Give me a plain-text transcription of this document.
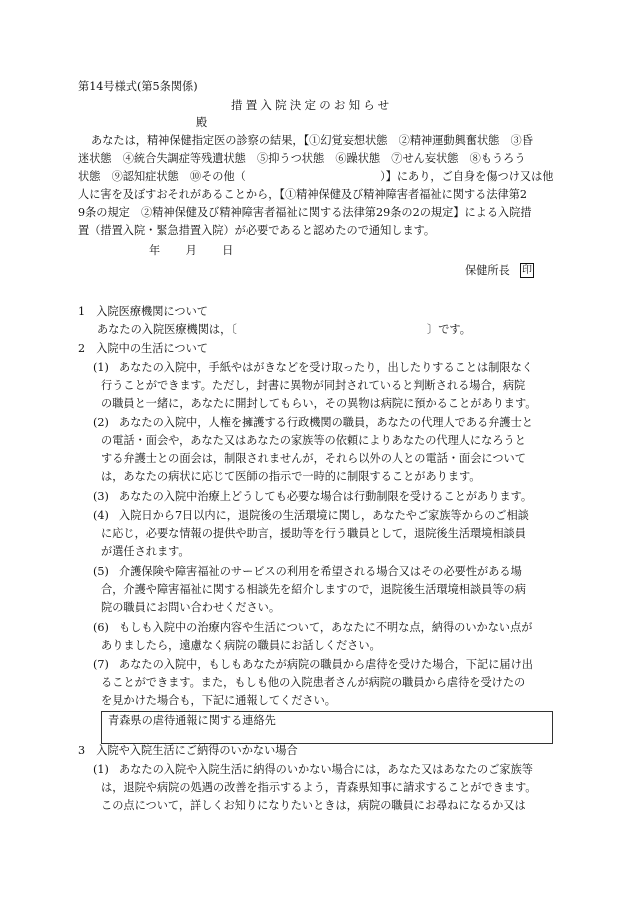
第14号様式(第5条関係)
措置入院決定のお知らせ
殿
あなたは，精神保健指定医の診察の結果，【①幻覚妄想状態　②精神運動興奮状態　③昏
迷状態　④統合失調症等残遺状態　⑤抑うつ状態　⑥躁状態　⑦せん妄状態　⑧もうろう
状態　⑨認知症状態　⑩その他（　　　　　　　　　　　　）】にあり，ご自身を傷つけ又は他
人に害を及ぼすおそれがあることから，【①精神保健及び精神障害者福祉に関する法律第2
9条の規定　②精神保健及び精神障害者福祉に関する法律第29条の2の規定】による入院措
置（措置入院・緊急措置入院）が必要であると認めたので通知します。
年　　月　　日
保健所長 印
1　入院医療機関について
あなたの入院医療機関は，〔　　　　　　　　　　　　　　　　　〕です。
2　入院中の生活について
(1) あなたの入院中，手紙やはがきなどを受け取ったり，出したりすることは制限なく
行うことができます。ただし，封書に異物が同封されていると判断される場合，病院
の職員と一緒に，あなたに開封してもらい，その異物は病院に預かることがあります。
(2) あなたの入院中，人権を擁護する行政機関の職員，あなたの代理人である弁護士と
の電話・面会や，あなた又はあなたの家族等の依頼によりあなたの代理人になろうと
する弁護士との面会は，制限されませんが，それら以外の人との電話・面会について
は，あなたの病状に応じて医師の指示で一時的に制限することがあります。
(3) あなたの入院中治療上どうしても必要な場合は行動制限を受けることがあります。
(4) 入院日から7日以内に，退院後の生活環境に関し，あなたやご家族等からのご相談
に応じ，必要な情報の提供や助言，援助等を行う職員として，退院後生活環境相談員
が選任されます。
(5) 介護保険や障害福祉のサービスの利用を希望される場合又はその必要性がある場
合，介護や障害福祉に関する相談先を紹介しますので，退院後生活環境相談員等の病
院の職員にお問い合わせください。
(6) もしも入院中の治療内容や生活について，あなたに不明な点，納得のいかない点が
ありましたら，遠慮なく病院の職員にお話しください。
(7) あなたの入院中，もしもあなたが病院の職員から虐待を受けた場合，下記に届け出
ることができます。また，もしも他の入院患者さんが病院の職員から虐待を受けたの
を見かけた場合も，下記に通報してください。
青森県の虐待通報に関する連絡先
3　入院や入院生活にご納得のいかない場合
(1) あなたの入院や入院生活に納得のいかない場合には，あなた又はあなたのご家族等
は，退院や病院の処遇の改善を指示するよう，青森県知事に請求することができます。
この点について，詳しくお知りになりたいときは，病院の職員にお尋ねになるか又は
